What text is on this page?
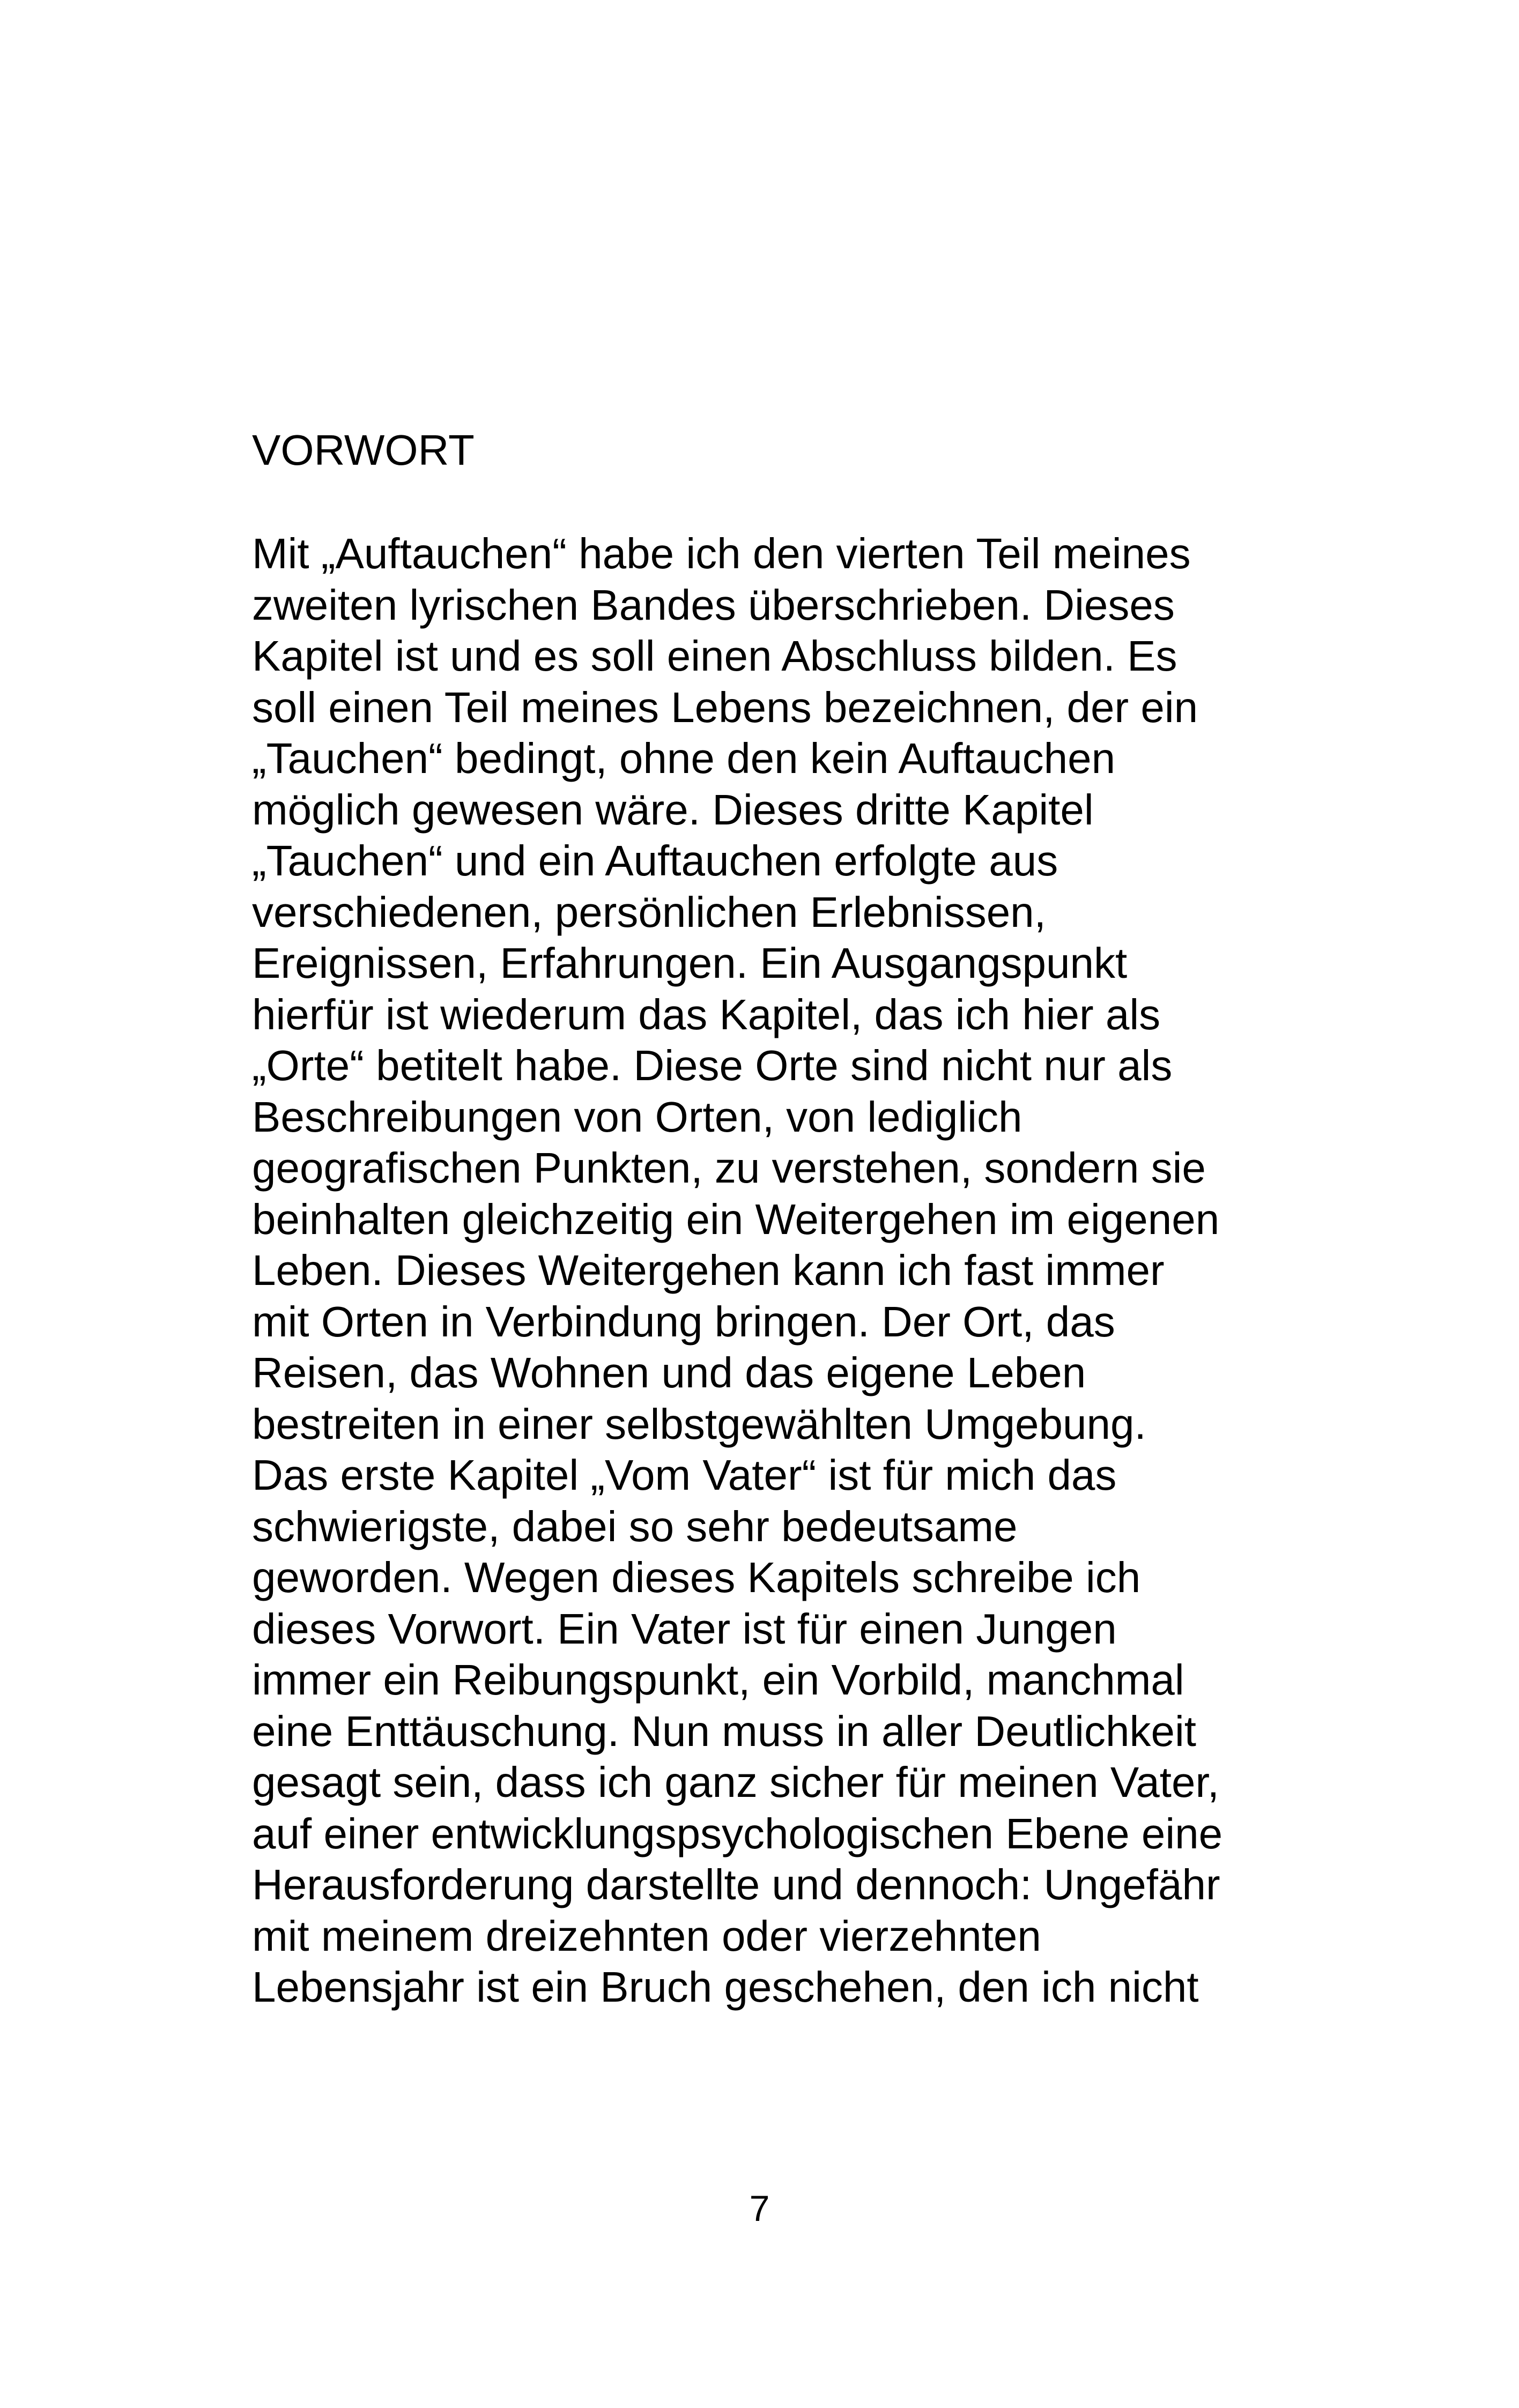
VORWORT
Mit „Auftauchen“ habe ich den vierten Teil meines
zweiten lyrischen Bandes überschrieben. Dieses
Kapitel ist und es soll einen Abschluss bilden. Es
soll einen Teil meines Lebens bezeichnen, der ein
„Tauchen“ bedingt, ohne den kein Auftauchen
möglich gewesen wäre. Dieses dritte Kapitel
„Tauchen“ und ein Auftauchen erfolgte aus
verschiedenen, persönlichen Erlebnissen,
Ereignissen, Erfahrungen. Ein Ausgangspunkt
hierfür ist wiederum das Kapitel, das ich hier als
„Orte“ betitelt habe. Diese Orte sind nicht nur als
Beschreibungen von Orten, von lediglich
geografischen Punkten, zu verstehen, sondern sie
beinhalten gleichzeitig ein Weitergehen im eigenen
Leben. Dieses Weitergehen kann ich fast immer
mit Orten in Verbindung bringen. Der Ort, das
Reisen, das Wohnen und das eigene Leben
bestreiten in einer selbstgewählten Umgebung.
Das erste Kapitel „Vom Vater“ ist für mich das
schwierigste, dabei so sehr bedeutsame
geworden. Wegen dieses Kapitels schreibe ich
dieses Vorwort. Ein Vater ist für einen Jungen
immer ein Reibungspunkt, ein Vorbild, manchmal
eine Enttäuschung. Nun muss in aller Deutlichkeit
gesagt sein, dass ich ganz sicher für meinen Vater,
auf einer entwicklungspsychologischen Ebene eine
Herausforderung darstellte und dennoch: Ungefähr
mit meinem dreizehnten oder vierzehnten
Lebensjahr ist ein Bruch geschehen, den ich nicht
7
